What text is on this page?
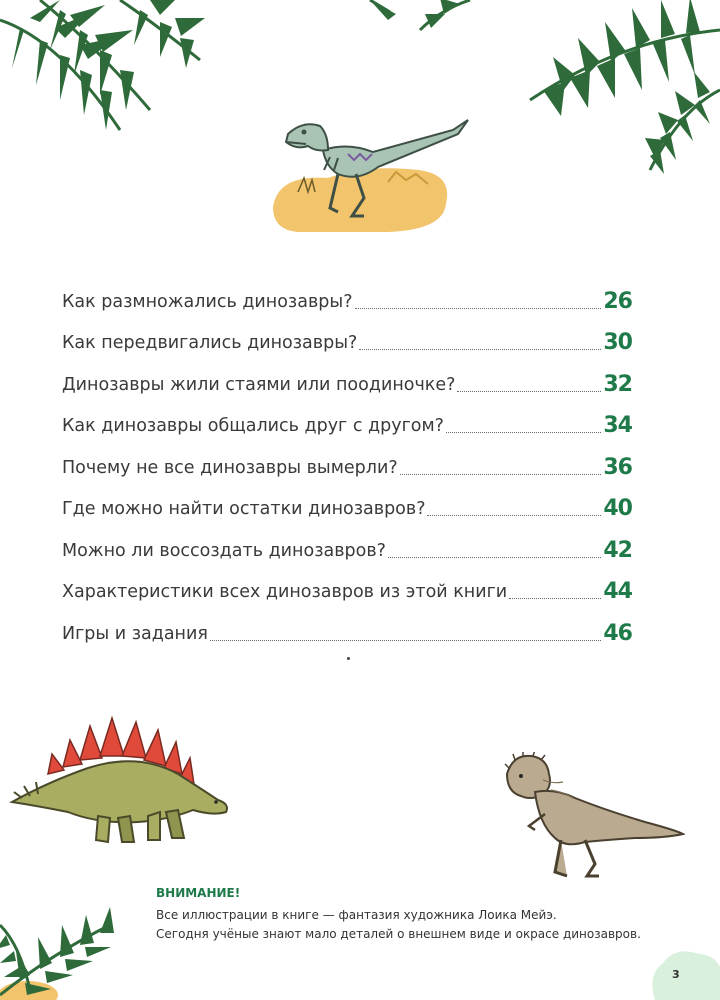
3
Как размножались динозавры?	26
Как передвигались динозавры?	30
Динозавры жили стаями или поодиночке?	32
Как динозавры общались друг с другом?	34
Почему не все динозавры вымерли?	36
Где можно найти остатки динозавров?	40
Можно ли воссоздать динозавров?	42
Характеристики всех динозавров из этой книги	44
Игры и задания	46
ВНИМАНИЕ!
Все иллюстрации в книге — фантазия художника Лоика Мейэ.
Сегодня учёные знают мало деталей о внешнем виде и окрасе динозавров.
